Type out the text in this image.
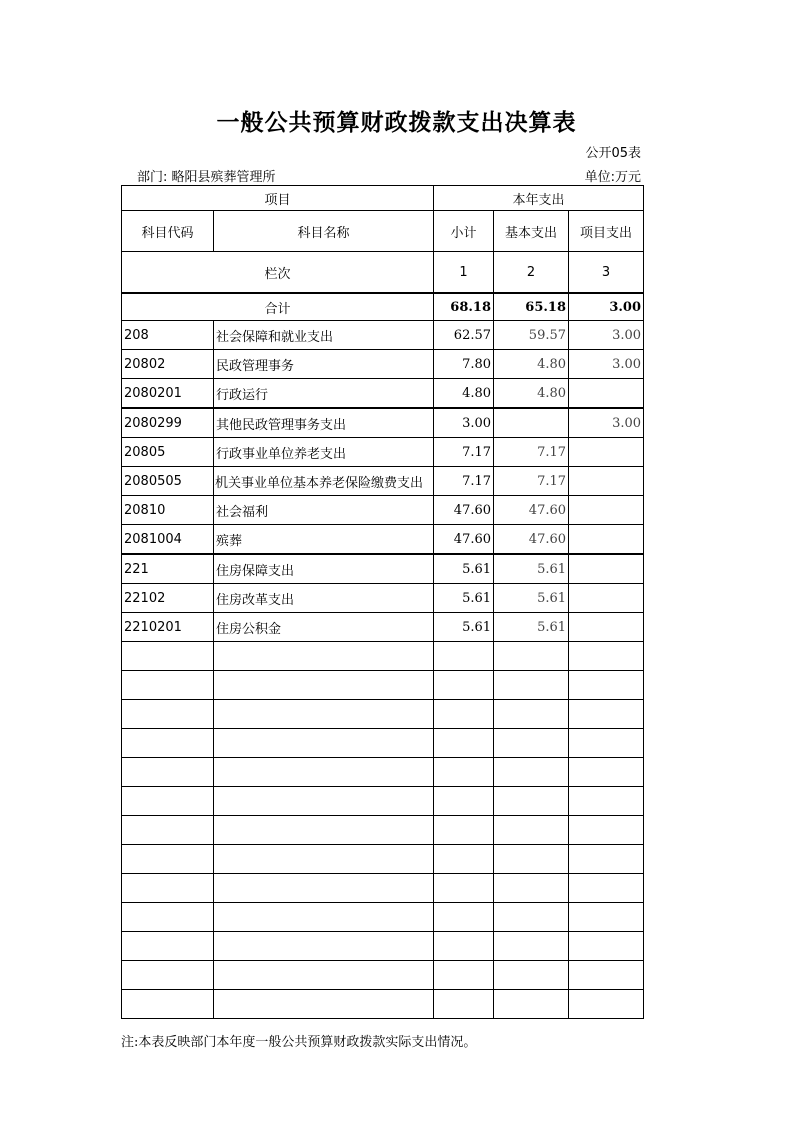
一般公共预算财政拨款支出决算表
公开05表
部门: 略阳县殡葬管理所	单位:万元
项目		本年支出		
科目代码	科目名称	小计	基本支出	项目支出
栏次		1	2	3
合计		68.18	65.18	3.00
208	社会保障和就业支出	62.57	59.57	3.00
20802	民政管理事务	7.80	4.80	3.00
2080201	行政运行	4.80	4.80	
2080299	其他民政管理事务支出	3.00		3.00
20805	行政事业单位养老支出	7.17	7.17	
2080505	机关事业单位基本养老保险缴费支出	7.17	7.17	
20810	社会福利	47.60	47.60	
2081004	殡葬	47.60	47.60	
221	住房保障支出	5.61	5.61	
22102	住房改革支出	5.61	5.61	
2210201	住房公积金	5.61	5.61	

注:本表反映部门本年度一般公共预算财政拨款实际支出情况。
